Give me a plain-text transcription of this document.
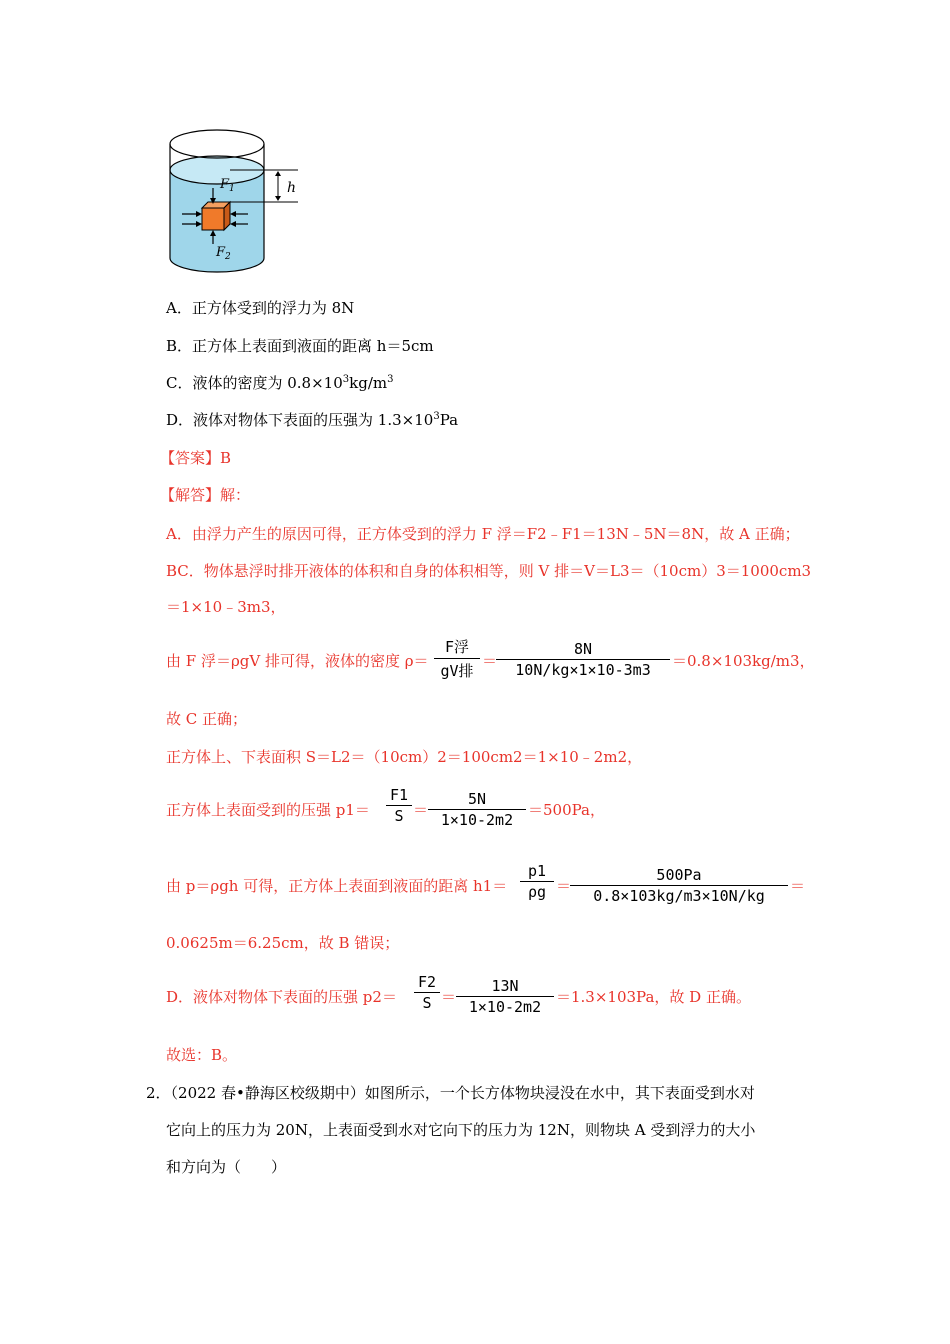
h
$F_1$
$F_2$
A．正方体受到的浮力为 8N
B．正方体上表面到液面的距离 h＝5cm
C．液体的密度为 $0.8\times 10^3kg/m^3$
D．液体对物体下表面的压强为 $1.3\times 10^3Pa$
【答案】B
【解答】解：
A．由浮力产生的原因可得，正方体受到的浮力 F 浮＝F2﹣F1＝13N﹣5N＝8N，故 A 正确；
BC．物体悬浮时排开液体的体积和自身的体积相等，则 V 排＝V＝L3＝（10cm）3＝1000cm3
＝1×10﹣3m3，
由 F 浮＝ρgV 排可得，液体的密度 ρ＝
F浮
gV排
＝
8N
10N/kg×1×10-3m3	＝0.8×103kg/m3，
故 C 正确；
正方体上、下表面积 S＝L2＝（10cm）2＝100cm2＝1×10﹣2m2，
正方体上表面受到的压强 p1＝
F1
S ＝
5N
1×10-2m2
＝500Pa，
由 p＝ρgh 可得，正方体上表面到液面的距离 h1＝
p1
ρg ＝
500Pa
0.8×103kg/m3×10N/kg
＝
0.0625m＝6.25cm，故 B 错误；
D．液体对物体下表面的压强 p2＝
F2
S ＝
13N
1×10-2m2
＝1.3×103Pa，故 D 正确。
故选：B。
2．（2022 春•静海区校级期中）如图所示，一个长方体物块浸没在水中，其下表面受到水对
它向上的压力为 20N，上表面受到水对它向下的压力为 12N，则物块 A 受到浮力的大小
和方向为（　　）
